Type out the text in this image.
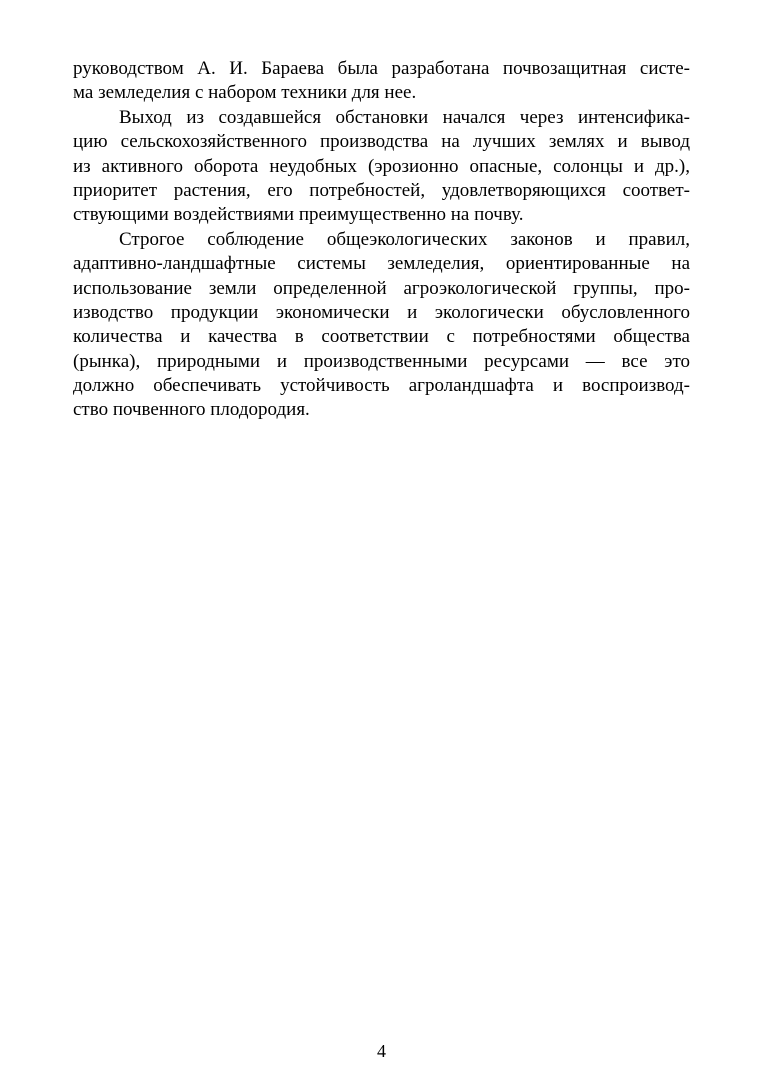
руководством А. И. Бараева была разработана почвозащитная систе-
ма земледелия с набором техники для нее.
Выход из создавшейся обстановки начался через интенсифика-
цию сельскохозяйственного производства на лучших землях и вывод
из активного оборота неудобных (эрозионно опасные, солонцы и др.),
приоритет растения, его потребностей, удовлетворяющихся соответ-
ствующими воздействиями преимущественно на почву.
Строгое соблюдение общеэкологических законов и правил,
адаптивно-ландшафтные системы земледелия, ориентированные на
использование земли определенной агроэкологической группы, про-
изводство продукции экономически и экологически обусловленного
количества и качества в соответствии с потребностями общества
(рынка), природными и производственными ресурсами — все это
должно обеспечивать устойчивость агроландшафта и воспроизвод-
ство почвенного плодородия.
4
